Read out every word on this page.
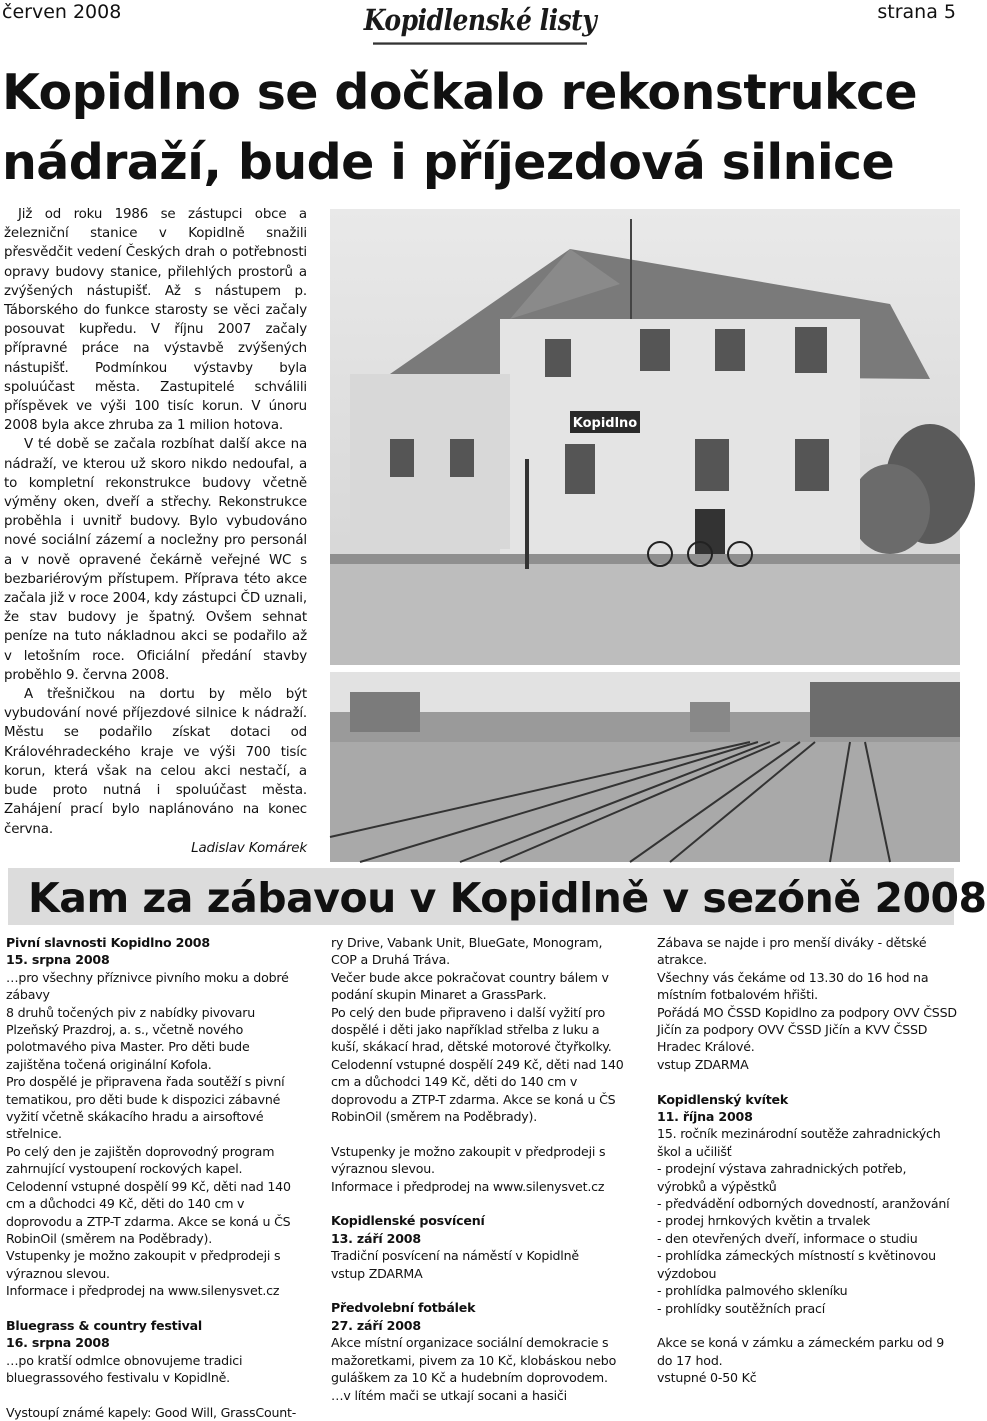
červen 2008	Kopidlenské listy	strana 5
Kopidlno se dočkalo rekonstrukce
nádraží, bude i příjezdová silnice

Již od roku 1986 se zástupci obce a železniční stanice v Kopidlně snažili přesvědčit vedení Českých drah o potřebnosti opravy budovy stanice, přilehlých prostorů a zvýšených nástupišť. Až s nástupem p. Táborského do funkce starosty se věci začaly posouvat kupředu. V říjnu 2007 začaly přípravné práce na výstavbě zvýšených nástupišť. Podmínkou výstavby byla spoluúčast města. Zastupitelé schválili příspěvek ve výši 100 tisíc korun. V únoru 2008 byla akce zhruba za 1 milion hotova.

V té době se začala rozbíhat další akce na nádraží, ve kterou už skoro nikdo nedoufal, a to kompletní rekonstrukce budovy včetně výměny oken, dveří a střechy. Rekonstrukce proběhla i uvnitř budovy. Bylo vybudováno nové sociální zázemí a nocležny pro personál a v nově opravené čekárně veřejné WC s bezbariérovým přístupem. Příprava této akce začala již v roce 2004, kdy zástupci ČD uznali, že stav budovy je špatný. Ovšem sehnat peníze na tuto nákladnou akci se podařilo až v letošním roce. Oficiální předání stavby proběhlo 9. června 2008.

A třešničkou na dortu by mělo být vybudování nové příjezdové silnice k nádraží. Městu se podařilo získat dotaci od Královéhradeckého kraje ve výši 700 tisíc korun, která však na celou akci nestačí, a bude proto nutná i spoluúčast města. Zahájení prací bylo naplánováno na konec června.

Ladislav Komárek

Kopidlno
Kam za zábavou v Kopidlně v sezóně 2008
Pivní slavnosti Kopidlno 2008
15. srpna 2008
…pro všechny příznivce pivního moku a dobré zábavy
8 druhů točených piv z nabídky pivovaru Plzeňský Prazdroj, a. s., včetně nového polotmavého piva Master. Pro děti bude zajištěna točená originální Kofola.
Pro dospělé je připravena řada soutěží s pivní tematikou, pro děti bude k dispozici zábavné vyžití včetně skákacího hradu a airsoftové střelnice.
Po celý den je zajištěn doprovodný program zahrnující vystoupení rockových kapel.
Celodenní vstupné dospělí 99 Kč, děti nad 140 cm a důchodci 49 Kč, děti do 140 cm v doprovodu a ZTP-T zdarma. Akce se koná u ČS RobinOil (směrem na Poděbrady).
Vstupenky je možno zakoupit v předprodeji s výraznou slevou.
Informace i předprodej na www.silenysvet.cz
Bluegrass & country festival
16. srpna 2008
…po kratší odmlce obnovujeme tradici bluegrassového festivalu v Kopidlně.
Vystoupí známé kapely: Good Will, GrassCount-
ry Drive, Vabank Unit, BlueGate, Monogram, COP a Druhá Tráva.
Večer bude akce pokračovat country bálem v podání skupin Minaret a GrassPark.
Po celý den bude připraveno i další vyžití pro dospělé i děti jako například střelba z luku a kuší, skákací hrad, dětské motorové čtyřkolky. Celodenní vstupné dospělí 249 Kč, děti nad 140 cm a důchodci 149 Kč, děti do 140 cm v doprovodu a ZTP-T zdarma. Akce se koná u ČS RobinOil (směrem na Poděbrady).
Vstupenky je možno zakoupit v předprodeji s výraznou slevou.
Informace i předprodej na www.silenysvet.cz
Kopidlenské posvícení
13. září 2008
Tradiční posvícení na náměstí v Kopidlně
vstup ZDARMA
Předvolební fotbálek
27. září 2008
Akce místní organizace sociální demokracie s mažoretkami, pivem za 10 Kč, klobáskou nebo guláškem za 10 Kč a hudebním doprovodem.
…v lítém mači se utkají socani a hasiči
Zábava se najde i pro menší diváky - dětské atrakce.
Všechny vás čekáme od 13.30 do 16 hod na místním fotbalovém hřišti.
Pořádá MO ČSSD Kopidlno za podpory OVV ČSSD Jičín za podpory OVV ČSSD Jičín a KVV ČSSD Hradec Králové.
vstup ZDARMA
Kopidlenský kvítek
11. října 2008
15. ročník mezinárodní soutěže zahradnických škol a učilišť
- prodejní výstava zahradnických potřeb, výrobků a výpěstků
- předvádění odborných dovedností, aranžování
- prodej hrnkových květin a trvalek
- den otevřených dveří, informace o studiu
- prohlídka zámeckých místností s květinovou výzdobou
- prohlídka palmového skleníku
- prohlídky soutěžních prací
Akce se koná v zámku a zámeckém parku od 9 do 17 hod.
vstupné 0-50 Kč
